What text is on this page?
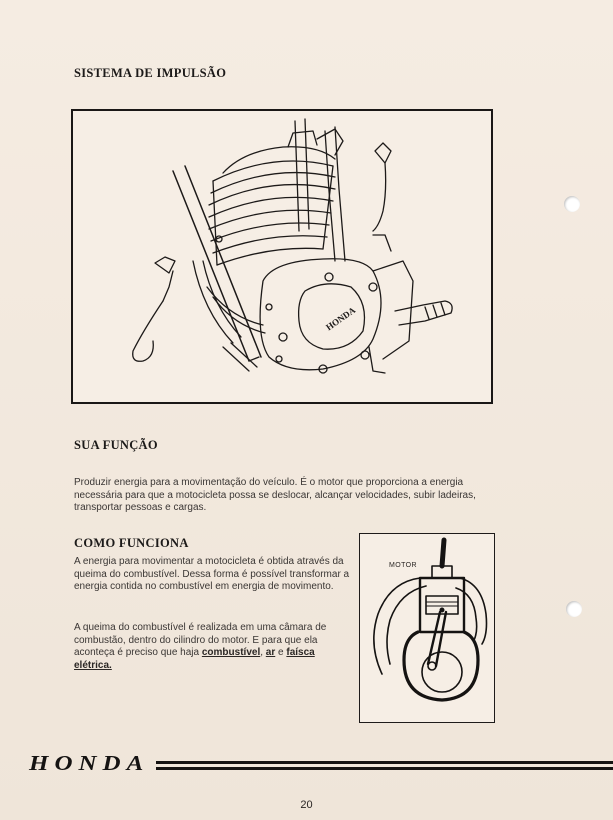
SISTEMA DE IMPULSÃO
HONDA
SUA FUNÇÃO
Produzir energia para a movimentação do veículo. É o motor que proporciona a energia necessária para que a motocicleta possa se deslocar, alcançar velocidades, subir ladeiras, transportar pessoas e cargas.
COMO FUNCIONA
A energia para movimentar a motocicleta é obtida através da queima do combustível. Dessa forma é possível transformar a energia contida no combustível em energia de movimento.
A queima do combustível é realizada em uma câmara de combustão, dentro do cilindro do motor. E para que ela aconteça é preciso que haja combustível, ar e faísca elétrica.
MOTOR
HONDA
20
